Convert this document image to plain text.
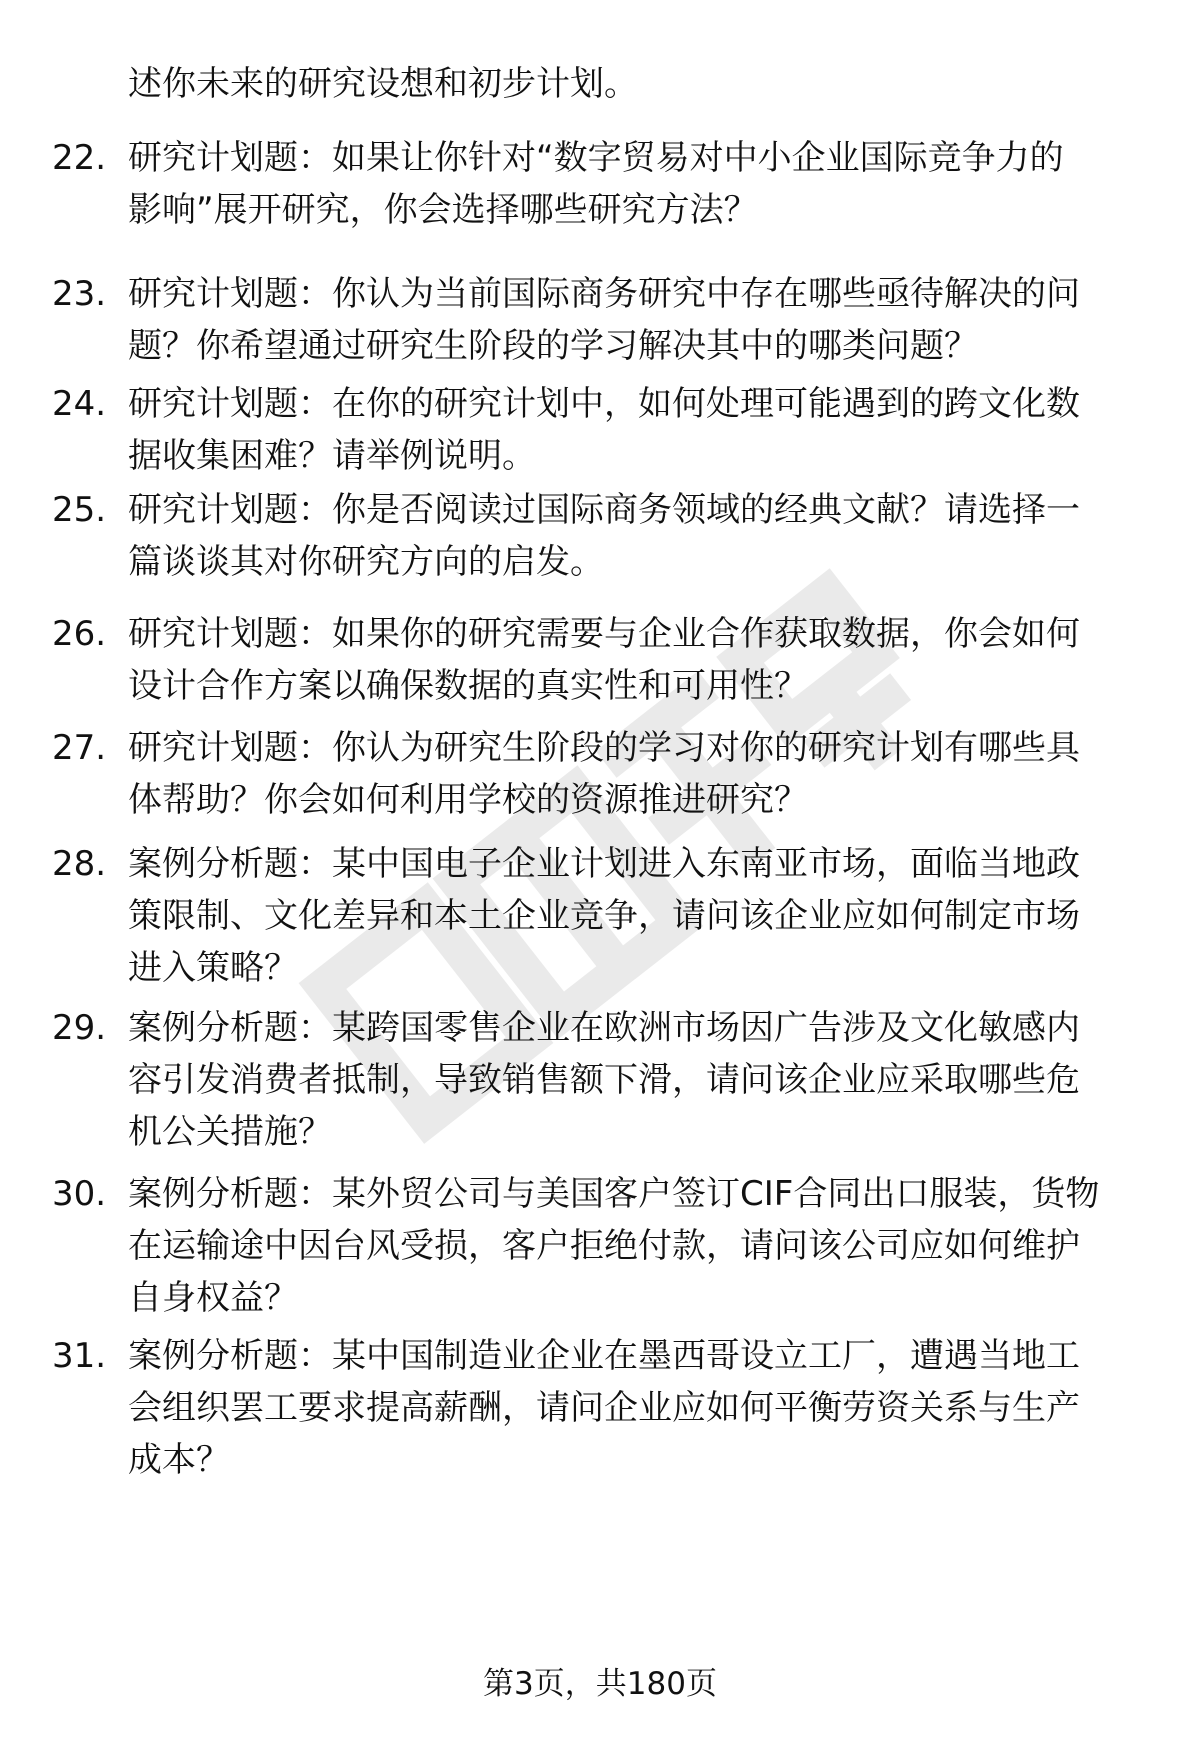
述你未来的研究设想和初步计划。
22. 研究计划题：如果让你针对“数字贸易对中小企业国际竞争力的
影响”展开研究，你会选择哪些研究方法？
23. 研究计划题：你认为当前国际商务研究中存在哪些亟待解决的问
题？你希望通过研究生阶段的学习解决其中的哪类问题？
24. 研究计划题：在你的研究计划中，如何处理可能遇到的跨文化数
据收集困难？请举例说明。
25. 研究计划题：你是否阅读过国际商务领域的经典文献？请选择一
篇谈谈其对你研究方向的启发。
26. 研究计划题：如果你的研究需要与企业合作获取数据，你会如何
设计合作方案以确保数据的真实性和可用性？
27. 研究计划题：你认为研究生阶段的学习对你的研究计划有哪些具
体帮助？你会如何利用学校的资源推进研究？
28. 案例分析题：某中国电子企业计划进入东南亚市场，面临当地政
策限制、文化差异和本土企业竞争，请问该企业应如何制定市场
进入策略？
29. 案例分析题：某跨国零售企业在欧洲市场因广告涉及文化敏感内
容引发消费者抵制，导致销售额下滑，请问该企业应采取哪些危
机公关措施？
30. 案例分析题：某外贸公司与美国客户签订CIF合同出口服装，货物
在运输途中因台风受损，客户拒绝付款，请问该公司应如何维护
自身权益？
31. 案例分析题：某中国制造业企业在墨西哥设立工厂，遭遇当地工
会组织罢工要求提高薪酬，请问企业应如何平衡劳资关系与生产
成本？
第3页，共180页
